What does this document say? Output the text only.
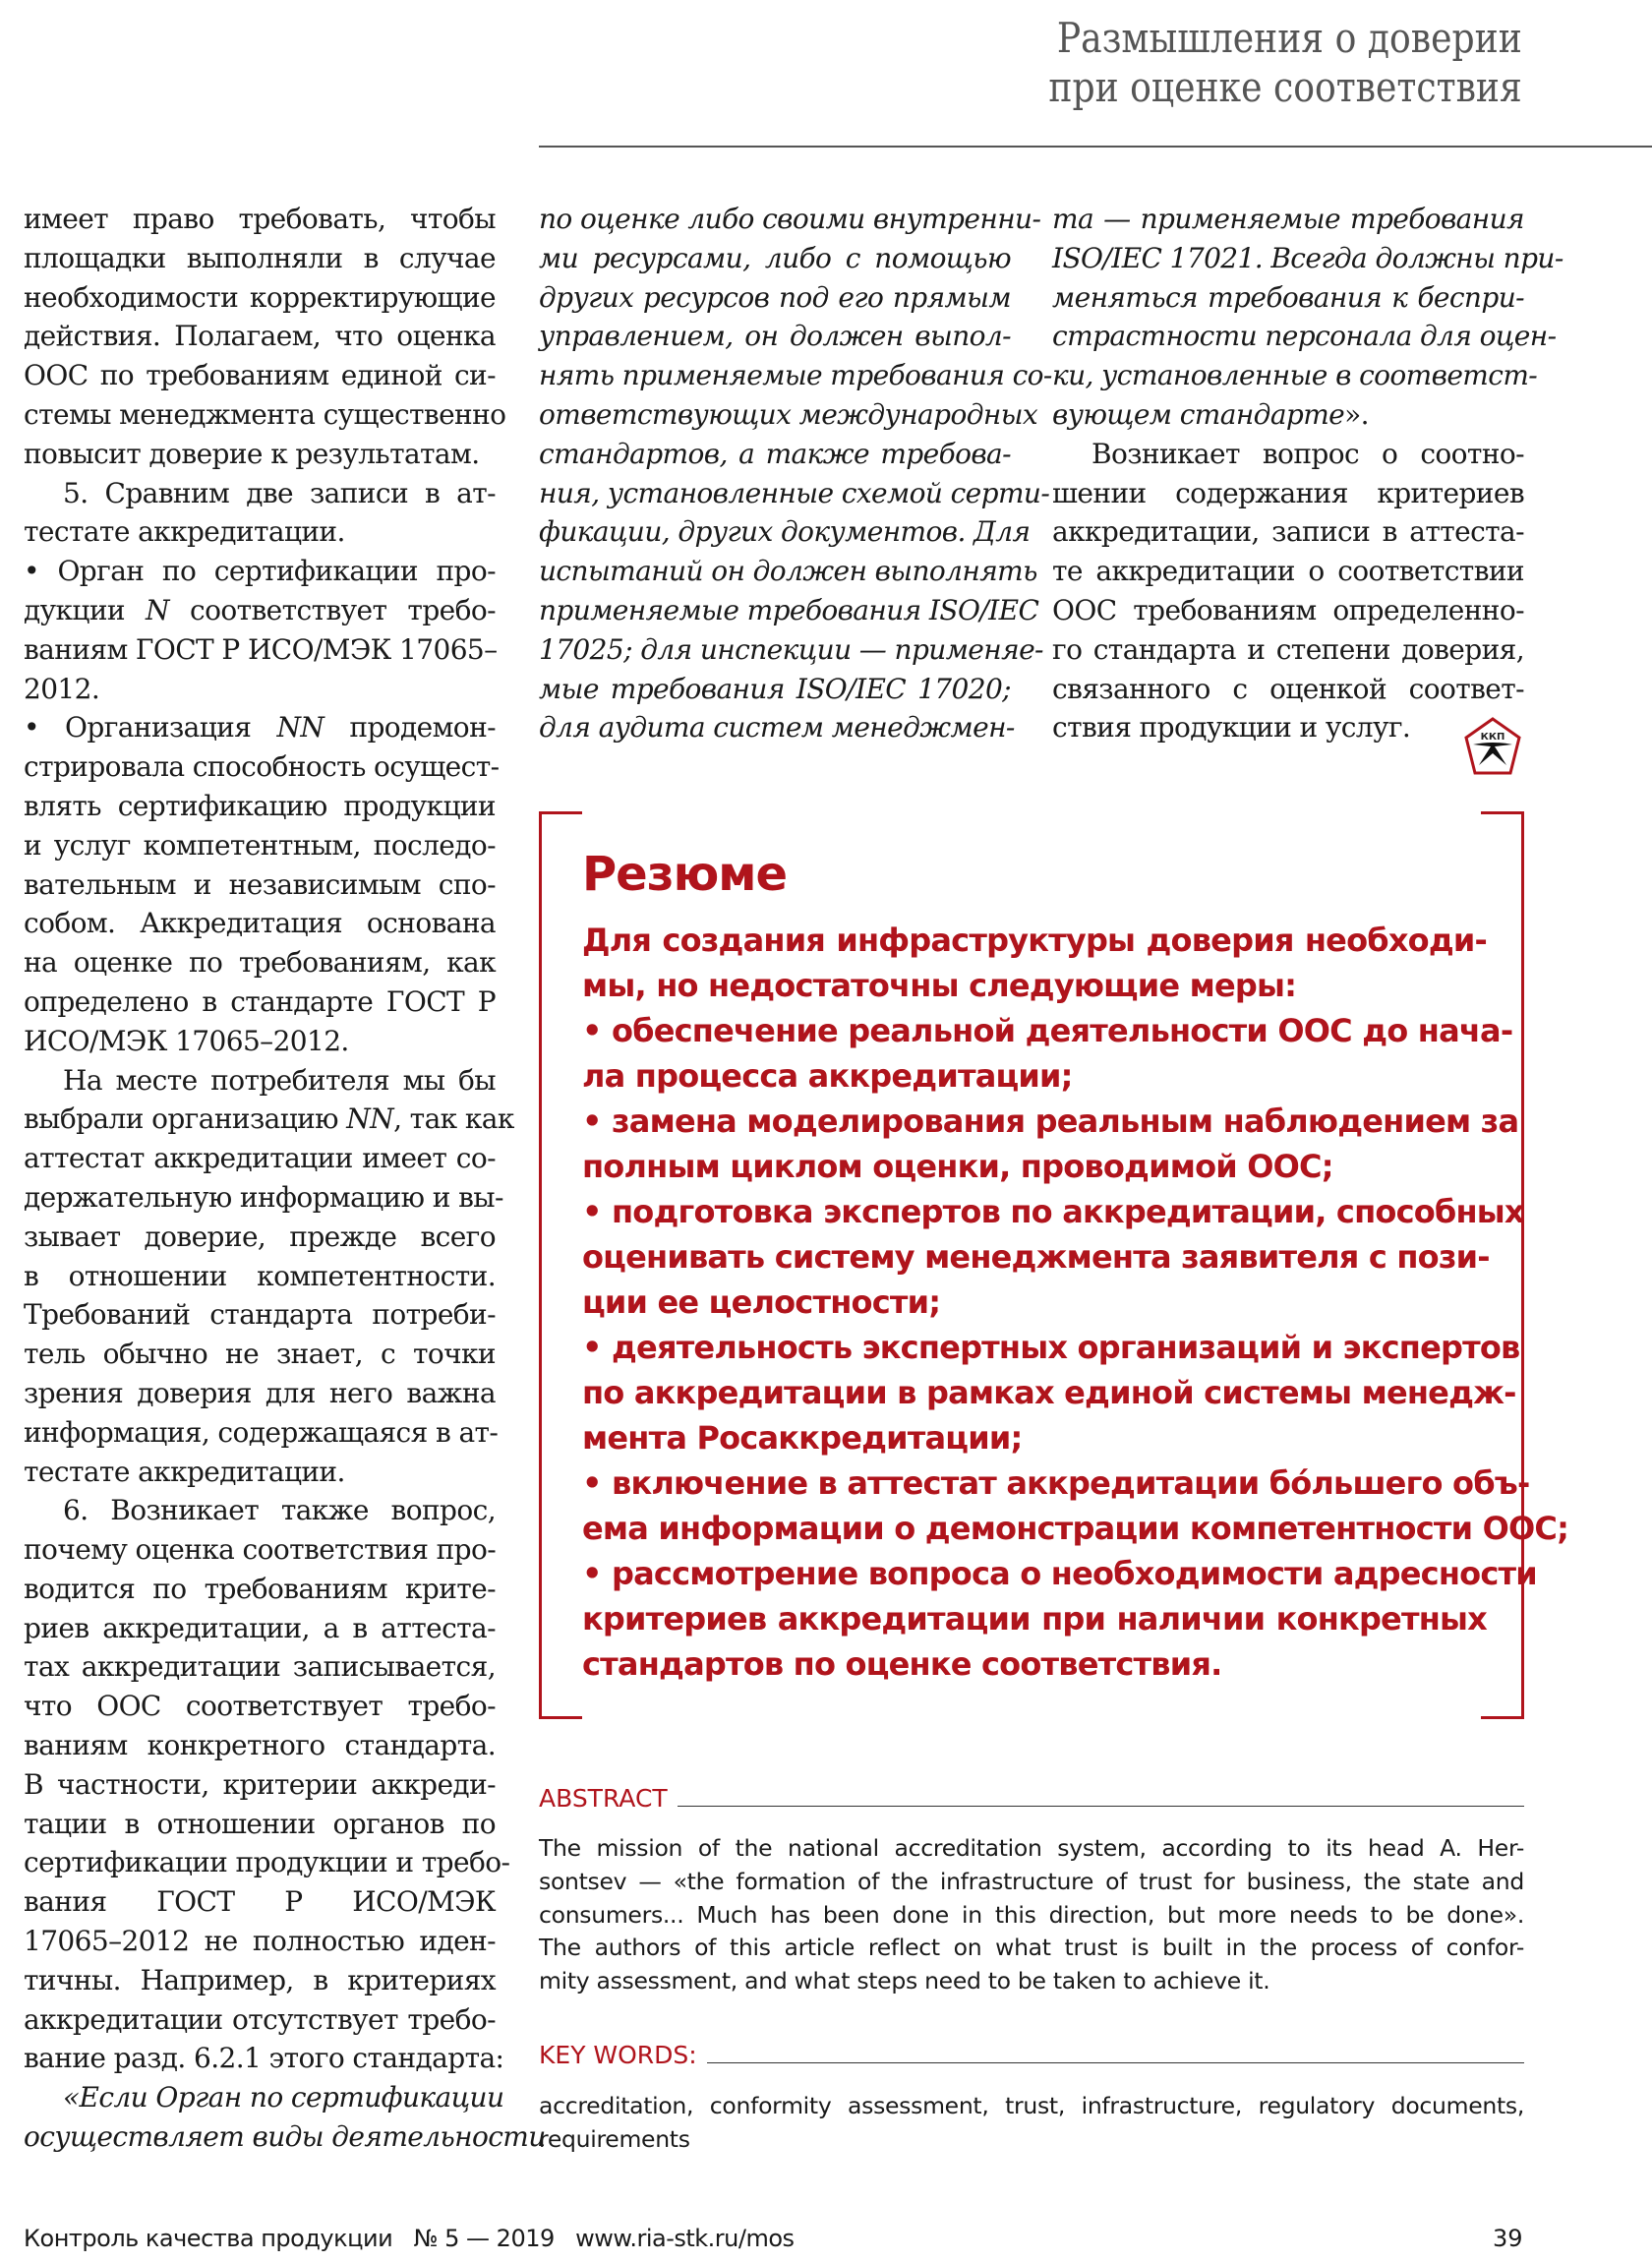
Размышления о доверии
при оценке соответствия
имеет право требовать, чтобы
площадки выполняли в случае
необходимости корректирующие
действия. Полагаем, что оценка
ООС по требованиям единой си-
стемы менеджмента существенно
повысит доверие к результатам.
5. Сравним две записи в ат-
тестате аккредитации.
• Орган по сертификации про-
дукции N соответствует требо-
ваниям ГОСТ Р ИСО/МЭК 17065–
2012.
• Организация NN продемон-
стрировала способность осущест-
влять сертификацию продукции
и услуг компетентным, последо-
вательным и независимым спо-
собом. Аккредитация основана
на оценке по требованиям, как
определено в стандарте ГОСТ Р
ИСО/МЭК 17065–2012.
На месте потребителя мы бы
выбрали организацию NN, так как
аттестат аккредитации имеет со-
держательную информацию и вы-
зывает доверие, прежде всего
в отношении компетентности.
Требований стандарта потреби-
тель обычно не знает, с точки
зрения доверия для него важна
информация, содержащаяся в ат-
тестате аккредитации.
6. Возникает также вопрос,
почему оценка соответствия про-
водится по требованиям крите-
риев аккредитации, а в аттеста-
тах аккредитации записывается,
что ООС соответствует требо-
ваниям конкретного стандарта.
В частности, критерии аккреди-
тации в отношении органов по
сертификации продукции и требо-
вания ГОСТ Р ИСО/МЭК
17065–2012 не полностью иден-
тичны. Например, в критериях
аккредитации отсутствует требо-
вание разд. 6.2.1 этого стандарта:
«Если Орган по сертификации
осуществляет виды деятельности
по оценке либо своими внутренни-
ми ресурсами, либо с помощью
других ресурсов под его прямым
управлением, он должен выпол-
нять применяемые требования со-
ответствующих международных
стандартов, а также требова-
ния, установленные схемой серти-
фикации, других документов. Для
испытаний он должен выполнять
применяемые требования ISO/IEC
17025; для инспекции — применяе-
мые требования ISO/IEC 17020;
для аудита систем менеджмен-
та — применяемые требования
ISO/IEC 17021. Всегда должны при-
меняться требования к беспри-
страстности персонала для оцен-
ки, установленные в соответст-
вующем стандарте».
Возникает вопрос о соотно-
шении содержания критериев
аккредитации, записи в аттеста-
те аккредитации о соответствии
ООС требованиям определенно-
го стандарта и степени доверия,
связанного с оценкой соответ-
ствия продукции и услуг.	ККП
Резюме
Для создания инфраструктуры доверия необходи-
мы, но недостаточны следующие меры:
• обеспечение реальной деятельности ООС до нача-
ла процесса аккредитации;
• замена моделирования реальным наблюдением за
полным циклом оценки, проводимой ООС;
• подготовка экспертов по аккредитации, способных
оценивать систему менеджмента заявителя с пози-
ции ее целостности;
• деятельность экспертных организаций и экспертов
по аккредитации в рамках единой системы менедж-
мента Росаккредитации;
• включение в аттестат аккредитации бóльшего объ-
ема информации о демонстрации компетентности ООС;
• рассмотрение вопроса о необходимости адресности
критериев аккредитации при наличии конкретных
стандартов по оценке соответствия.
ABSTRACT
The mission of the national accreditation system, according to its head A. Her-
sontsev — «the formation of the infrastructure of trust for business, the state and
consumers... Much has been done in this direction, but more needs to be done».
The authors of this article reflect on what trust is built in the process of confor-
mity assessment, and what steps need to be taken to achieve it.
KEY WORDS:
accreditation, conformity assessment, trust, infrastructure, regulatory documents,
requirements
Контроль качества продукции   № 5 — 2019   www.ria-stk.ru/mos	39
